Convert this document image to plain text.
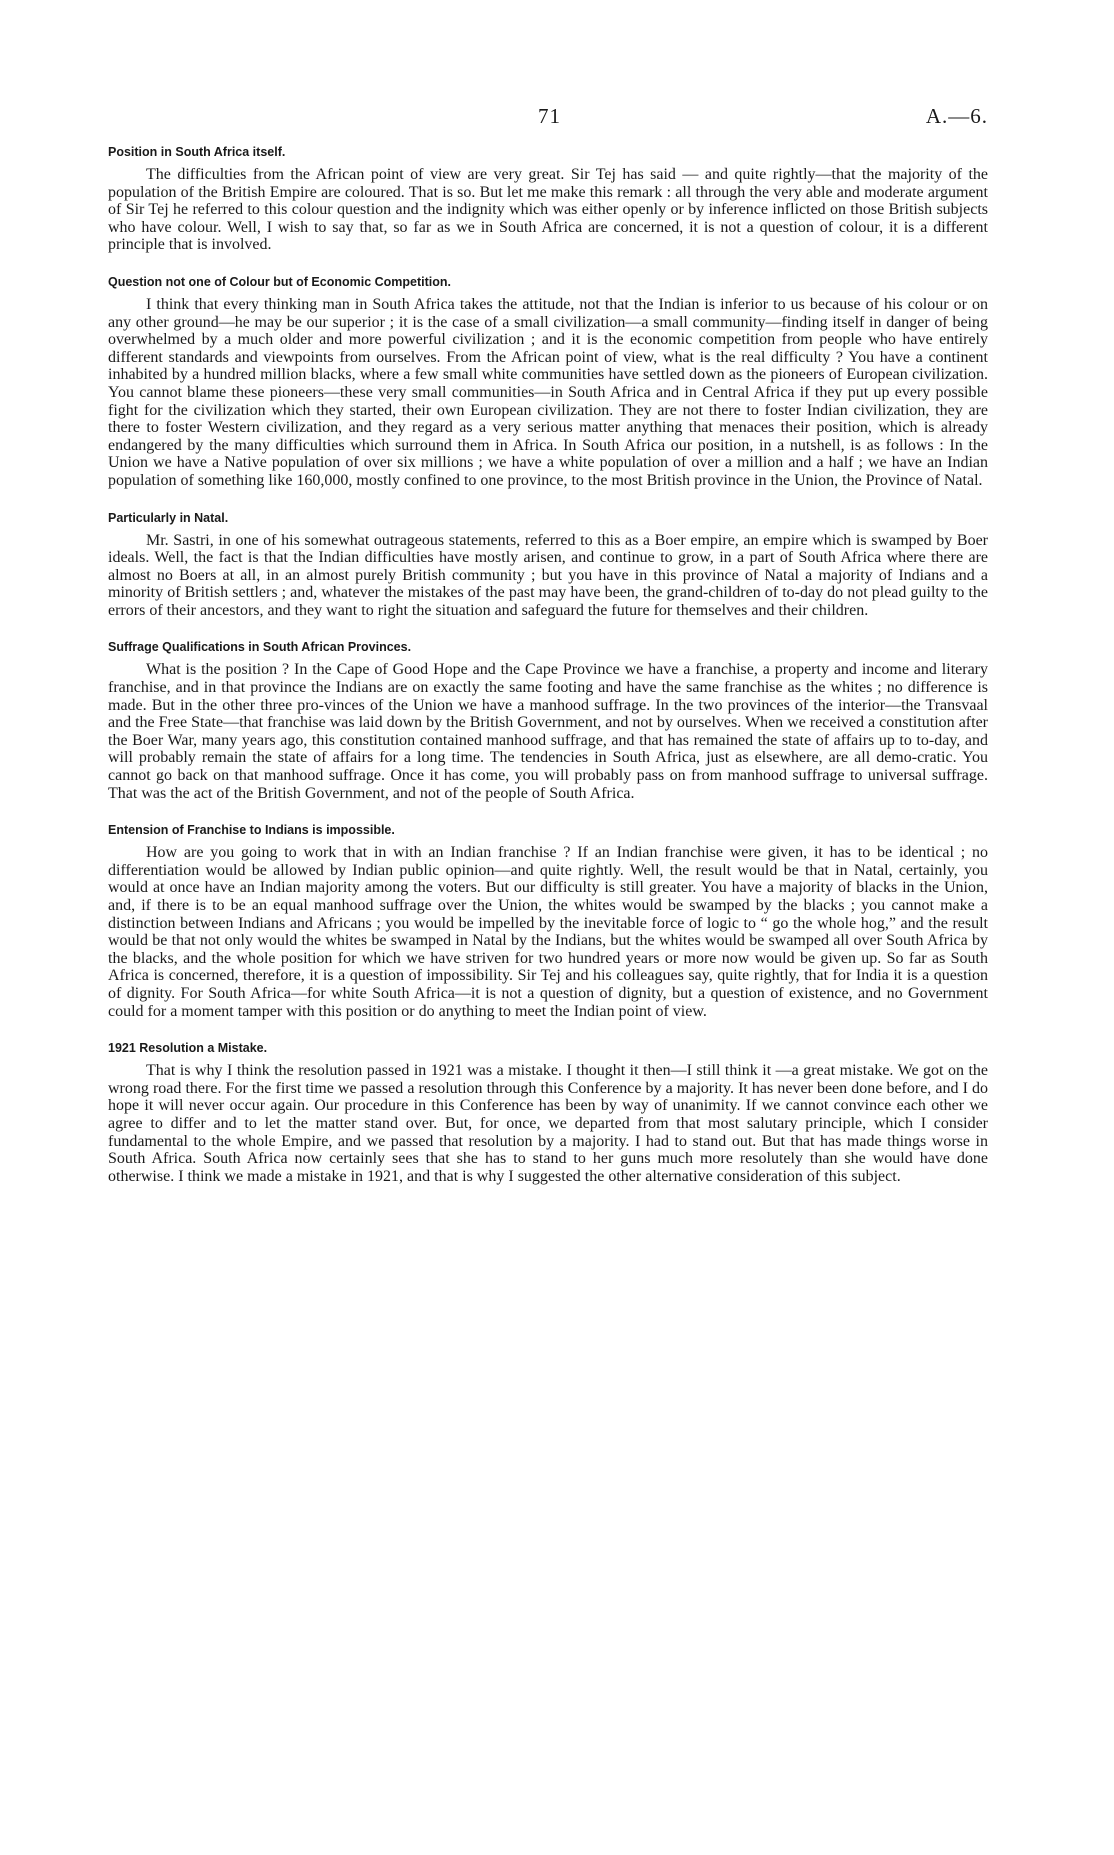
71	A.—6.
Position in South Africa itself.

The difficulties from the African point of view are very great. Sir Tej has said — and quite rightly—that the majority of the population of the British Empire are coloured. That is so. But let me make this remark : all through the very able and moderate argument of Sir Tej he referred to this colour question and the indignity which was either openly or by inference inflicted on those British subjects who have colour. Well, I wish to say that, so far as we in South Africa are concerned, it is not a question of colour, it is a different principle that is involved.

Question not one of Colour but of Economic Competition.

I think that every thinking man in South Africa takes the attitude, not that the Indian is inferior to us because of his colour or on any other ground—he may be our superior ; it is the case of a small civilization—a small community—finding itself in danger of being overwhelmed by a much older and more powerful civilization ; and it is the economic competition from people who have entirely different standards and viewpoints from ourselves. From the African point of view, what is the real difficulty ? You have a continent inhabited by a hundred million blacks, where a few small white communities have settled down as the pioneers of European civilization. You cannot blame these pioneers—these very small communities—in South Africa and in Central Africa if they put up every possible fight for the civilization which they started, their own European civilization. They are not there to foster Indian civilization, they are there to foster Western civilization, and they regard as a very serious matter anything that menaces their position, which is already endangered by the many difficulties which surround them in Africa. In South Africa our position, in a nutshell, is as follows : In the Union we have a Native population of over six millions ; we have a white population of over a million and a half ; we have an Indian population of something like 160,000, mostly confined to one province, to the most British province in the Union, the Province of Natal.

Particularly in Natal.

Mr. Sastri, in one of his somewhat outrageous statements, referred to this as a Boer empire, an empire which is swamped by Boer ideals. Well, the fact is that the Indian difficulties have mostly arisen, and continue to grow, in a part of South Africa where there are almost no Boers at all, in an almost purely British community ; but you have in this province of Natal a majority of Indians and a minority of British settlers ; and, whatever the mistakes of the past may have been, the grand-children of to-day do not plead guilty to the errors of their ancestors, and they want to right the situation and safeguard the future for themselves and their children.

Suffrage Qualifications in South African Provinces.

What is the position ? In the Cape of Good Hope and the Cape Province we have a franchise, a property and income and literary franchise, and in that province the Indians are on exactly the same footing and have the same franchise as the whites ; no difference is made. But in the other three pro-vinces of the Union we have a manhood suffrage. In the two provinces of the interior—the Transvaal and the Free State—that franchise was laid down by the British Government, and not by ourselves. When we received a constitution after the Boer War, many years ago, this constitution contained manhood suffrage, and that has remained the state of affairs up to to-day, and will probably remain the state of affairs for a long time. The tendencies in South Africa, just as elsewhere, are all demo-cratic. You cannot go back on that manhood suffrage. Once it has come, you will probably pass on from manhood suffrage to universal suffrage. That was the act of the British Government, and not of the people of South Africa.

Entension of Franchise to Indians is impossible.

How are you going to work that in with an Indian franchise ? If an Indian franchise were given, it has to be identical ; no differentiation would be allowed by Indian public opinion—and quite rightly. Well, the result would be that in Natal, certainly, you would at once have an Indian majority among the voters. But our difficulty is still greater. You have a majority of blacks in the Union, and, if there is to be an equal manhood suffrage over the Union, the whites would be swamped by the blacks ; you cannot make a distinction between Indians and Africans ; you would be impelled by the inevitable force of logic to “ go the whole hog,” and the result would be that not only would the whites be swamped in Natal by the Indians, but the whites would be swamped all over South Africa by the blacks, and the whole position for which we have striven for two hundred years or more now would be given up. So far as South Africa is concerned, therefore, it is a question of impossibility. Sir Tej and his colleagues say, quite rightly, that for India it is a question of dignity. For South Africa—for white South Africa—it is not a question of dignity, but a question of existence, and no Government could for a moment tamper with this position or do anything to meet the Indian point of view.

1921 Resolution a Mistake.

That is why I think the resolution passed in 1921 was a mistake. I thought it then—I still think it —a great mistake. We got on the wrong road there. For the first time we passed a resolution through this Conference by a majority. It has never been done before, and I do hope it will never occur again. Our procedure in this Conference has been by way of unanimity. If we cannot convince each other we agree to differ and to let the matter stand over. But, for once, we departed from that most salutary principle, which I consider fundamental to the whole Empire, and we passed that resolution by a majority. I had to stand out. But that has made things worse in South Africa. South Africa now certainly sees that she has to stand to her guns much more resolutely than she would have done otherwise. I think we made a mistake in 1921, and that is why I suggested the other alternative consideration of this subject.
